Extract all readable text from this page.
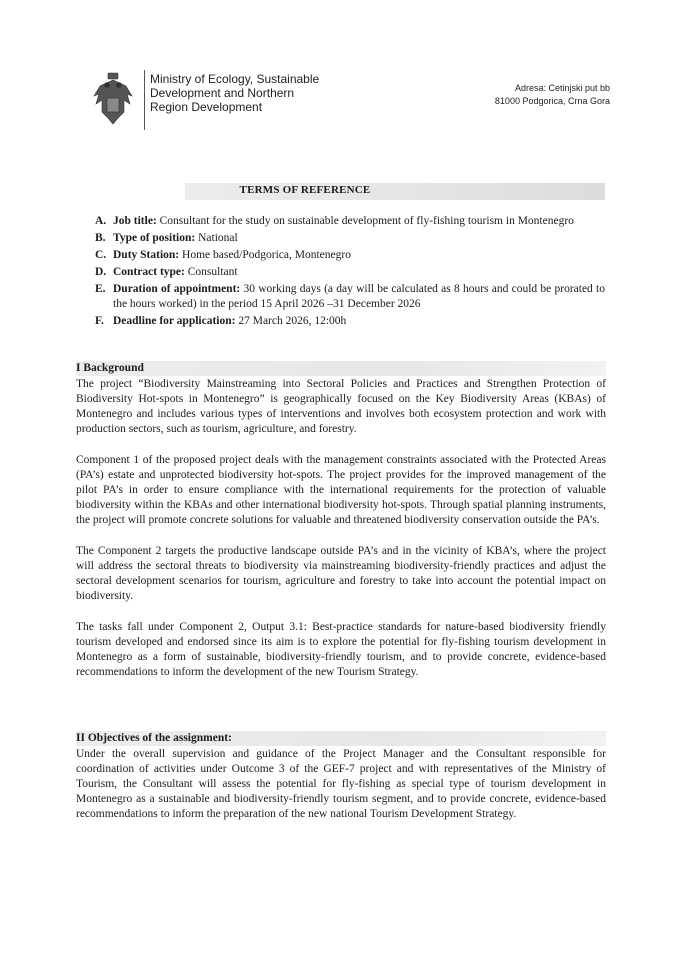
Ministry of Ecology, Sustainable
Development and Northern
Region Development
Adresa: Cetinjski put bb
81000 Podgorica, Crna Gora
TERMS OF REFERENCE
A. Job title: Consultant for the study on sustainable development of fly-fishing tourism in Montenegro
B. Type of position: National
C. Duty Station: Home based/Podgorica, Montenegro
D. Contract type: Consultant
E. Duration of appointment: 30 working days (a day will be calculated as 8 hours and could be prorated to the hours worked) in the period 15 April 2026 –31 December 2026
F. Deadline for application: 27 March 2026, 12:00h
I Background

The project “Biodiversity Mainstreaming into Sectoral Policies and Practices and Strengthen Protection of Biodiversity Hot-spots in Montenegro” is geographically focused on the Key Biodiversity Areas (KBAs) of Montenegro and includes various types of interventions and involves both ecosystem protection and work with production sectors, such as tourism, agriculture, and forestry.

Component 1 of the proposed project deals with the management constraints associated with the Protected Areas (PA’s) estate and unprotected biodiversity hot-spots. The project provides for the improved management of the pilot PA’s in order to ensure compliance with the international requirements for the protection of valuable biodiversity within the KBAs and other international biodiversity hot-spots. Through spatial planning instruments, the project will promote concrete solutions for valuable and threatened biodiversity conservation outside the PA’s.

The Component 2 targets the productive landscape outside PA’s and in the vicinity of KBA’s, where the project will address the sectoral threats to biodiversity via mainstreaming biodiversity-friendly practices and adjust the sectoral development scenarios for tourism, agriculture and forestry to take into account the potential impact on biodiversity.

The tasks fall under Component 2, Output 3.1: Best-practice standards for nature-based biodiversity friendly tourism developed and endorsed since its aim is to explore the potential for fly-fishing tourism development in Montenegro as a form of sustainable, biodiversity-friendly tourism, and to provide concrete, evidence-based recommendations to inform the development of the new Tourism Strategy.

II Objectives of the assignment:

Under the overall supervision and guidance of the Project Manager and the Consultant responsible for coordination of activities under Outcome 3 of the GEF-7 project and with representatives of the Ministry of Tourism, the Consultant will assess the potential for fly-fishing as special type of tourism development in Montenegro as a sustainable and biodiversity-friendly tourism segment, and to provide concrete, evidence-based recommendations to inform the preparation of the new national Tourism Development Strategy.
